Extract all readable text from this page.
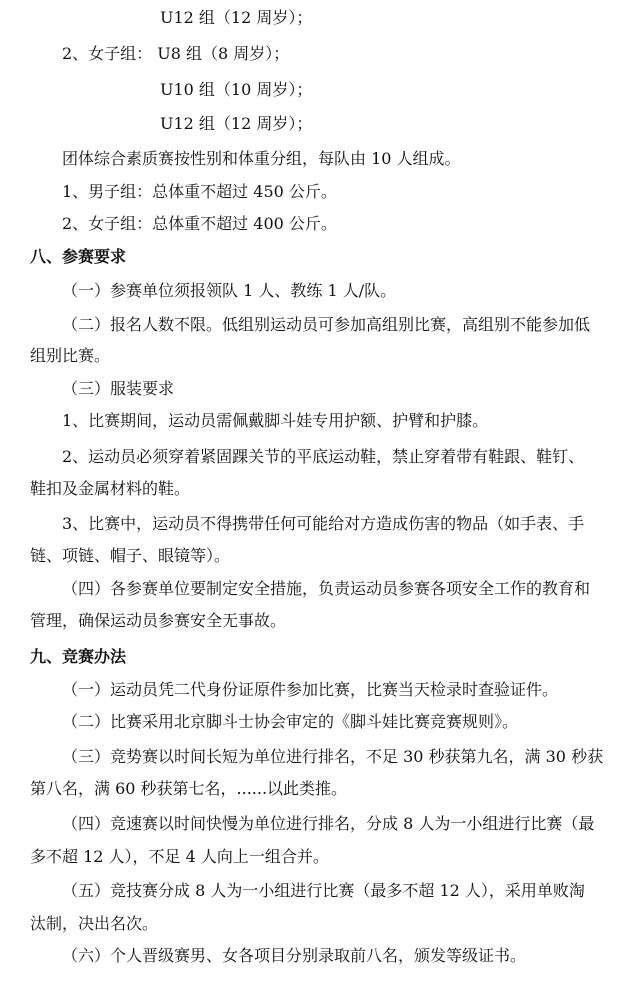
U12 组（12 周岁）；
2、女子组： U8 组（8 周岁）；
U10 组（10 周岁）；
U12 组（12 周岁）；
团体综合素质赛按性别和体重分组，每队由 10 人组成。
1、男子组：总体重不超过 450 公斤。
2、女子组：总体重不超过 400 公斤。
八、参赛要求
（一）参赛单位须报领队 1 人、教练 1 人/队。
（二）报名人数不限。低组别运动员可参加高组别比赛，高组别不能参加低
组别比赛。
（三）服装要求
1、比赛期间，运动员需佩戴脚斗娃专用护额、护臂和护膝。
2、运动员必须穿着紧固踝关节的平底运动鞋，禁止穿着带有鞋跟、鞋钉、
鞋扣及金属材料的鞋。
3、比赛中，运动员不得携带任何可能给对方造成伤害的物品（如手表、手
链、项链、帽子、眼镜等）。
（四）各参赛单位要制定安全措施，负责运动员参赛各项安全工作的教育和
管理，确保运动员参赛安全无事故。
九、竞赛办法
（一）运动员凭二代身份证原件参加比赛，比赛当天检录时查验证件。
（二）比赛采用北京脚斗士协会审定的《脚斗娃比赛竞赛规则》。
（三）竞势赛以时间长短为单位进行排名，不足 30 秒获第九名，满 30 秒获
第八名，满 60 秒获第七名，......以此类推。
（四）竞速赛以时间快慢为单位进行排名，分成 8 人为一小组进行比赛（最
多不超 12 人），不足 4 人向上一组合并。
（五）竞技赛分成 8 人为一小组进行比赛（最多不超 12 人），采用单败淘
汰制，决出名次。
（六）个人晋级赛男、女各项目分别录取前八名，颁发等级证书。
